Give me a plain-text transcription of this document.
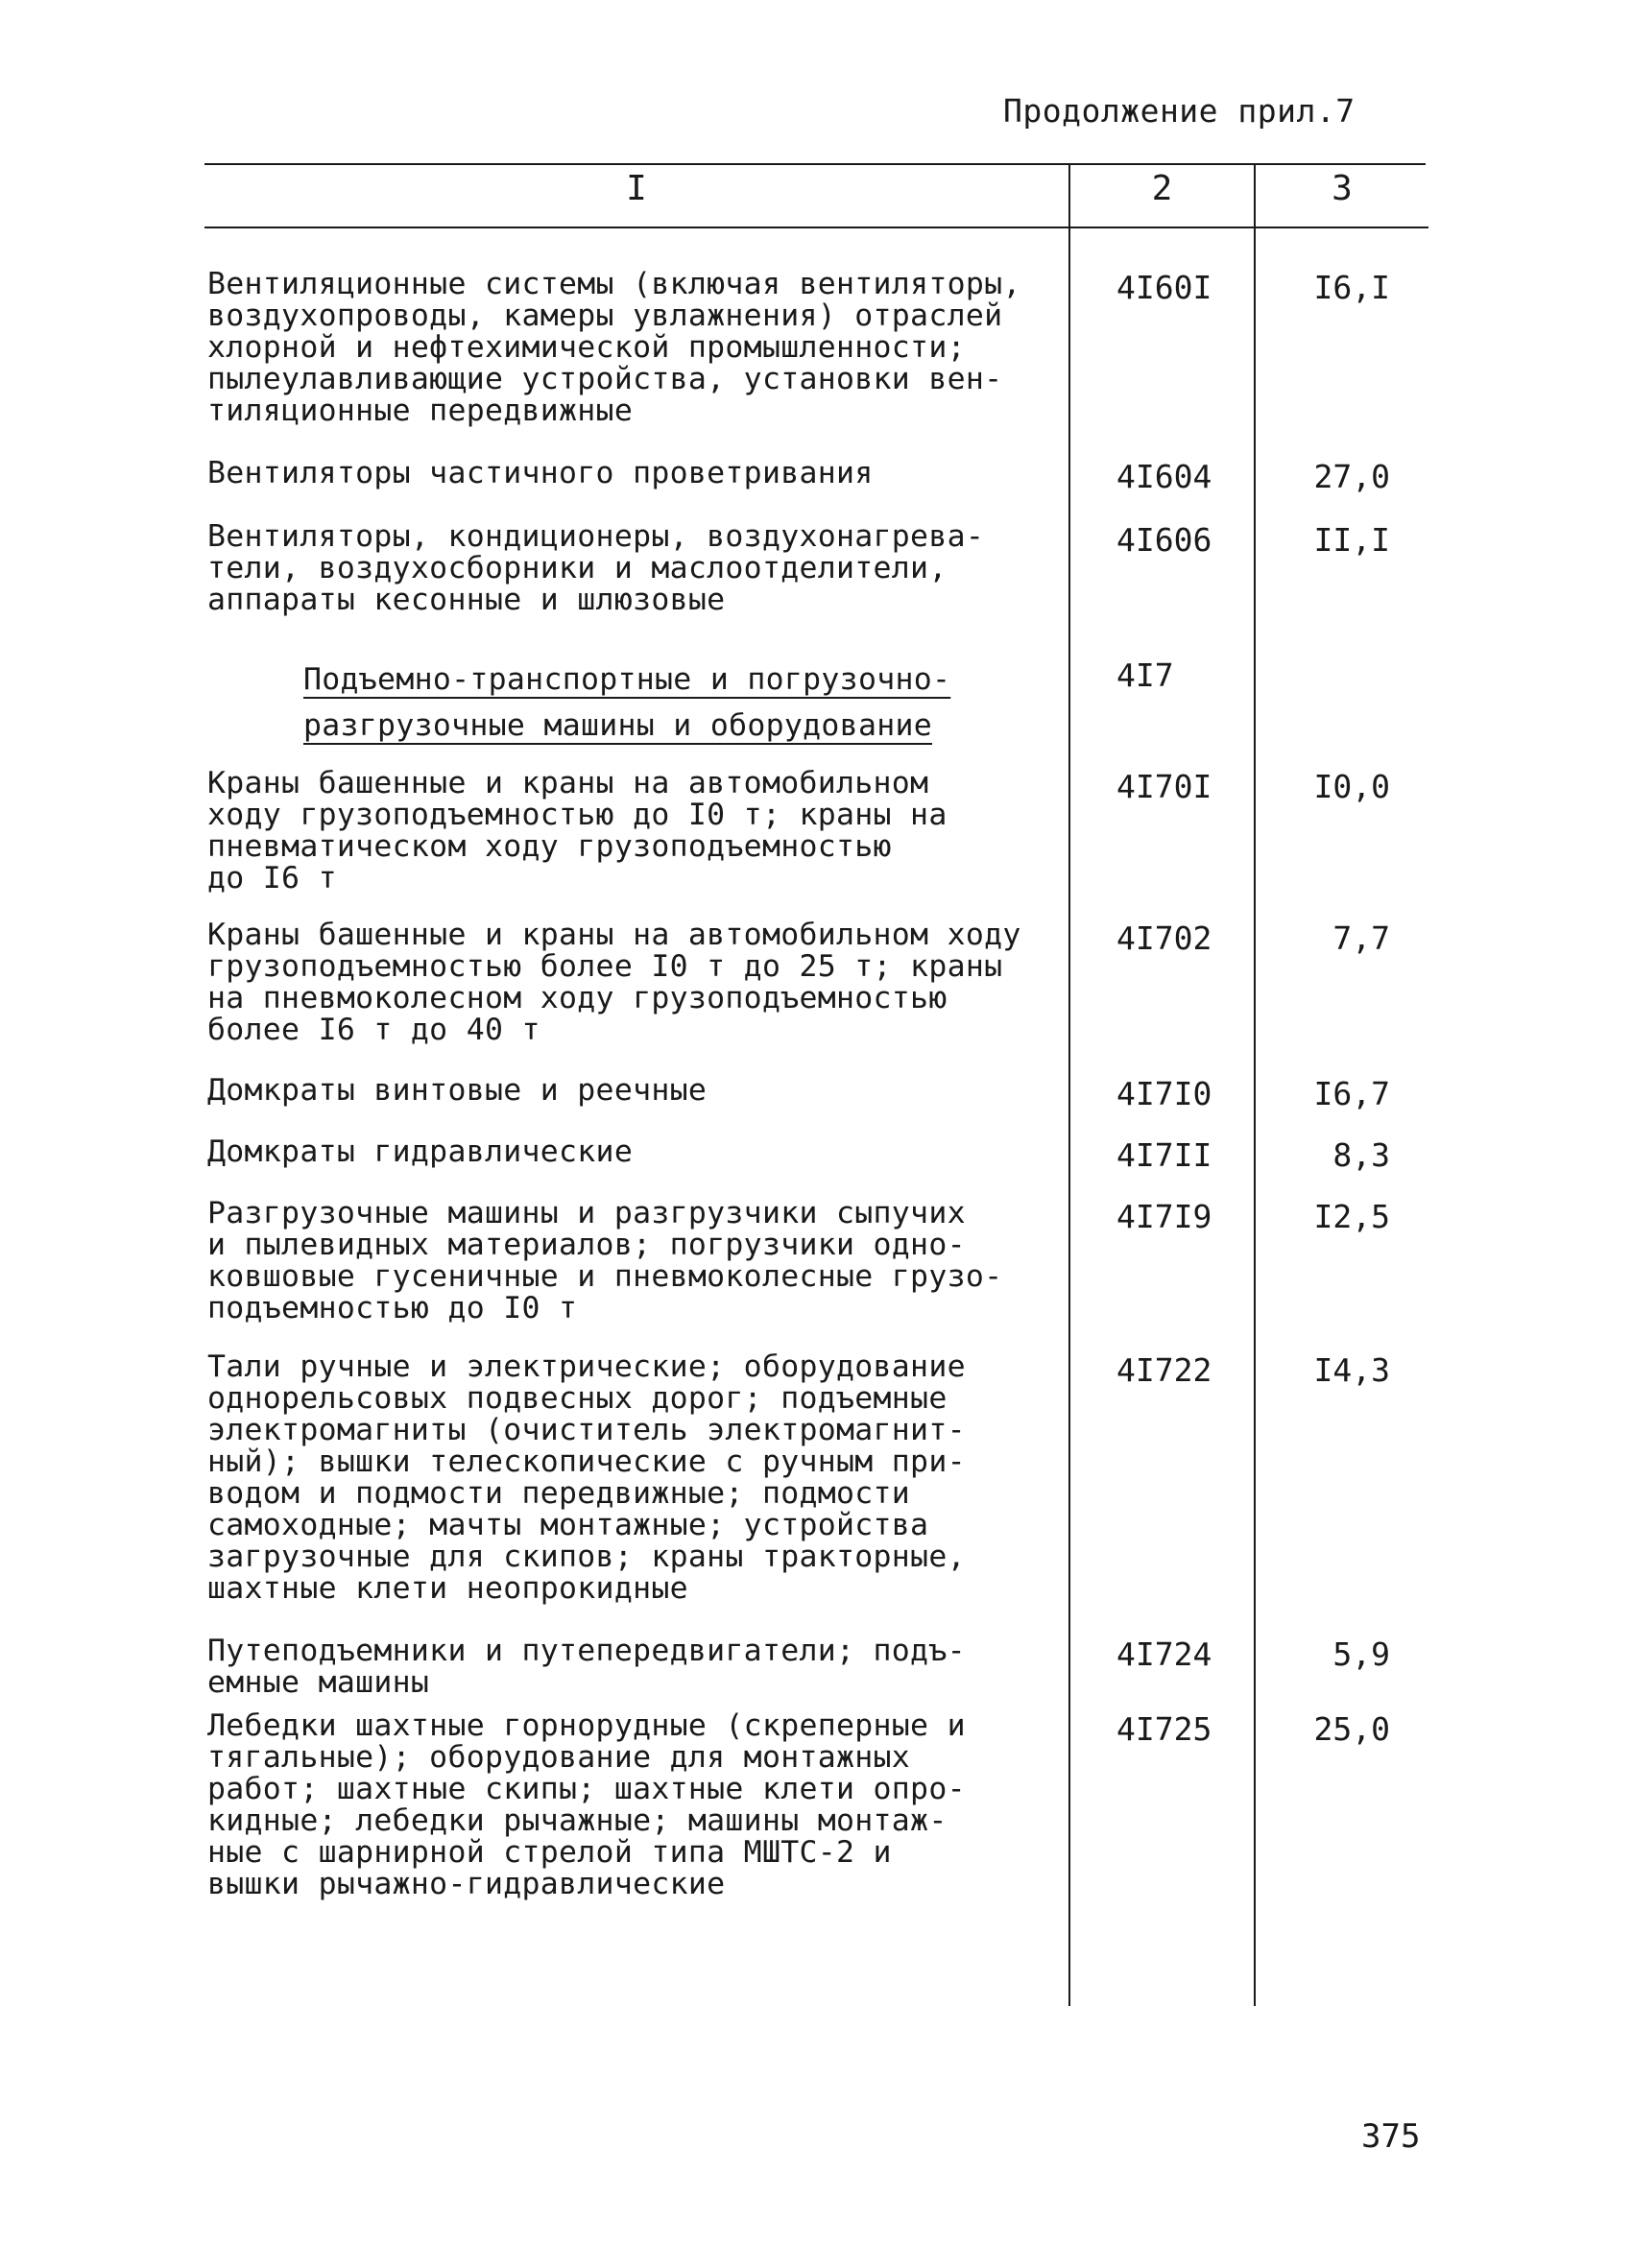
Продолжение прил.7
I	2	3
Вентиляционные системы (включая вентиляторы,
воздухопроводы, камеры увлажнения) отраслей
хлорной и нефтехимической промышленности;
пылеулавливающие устройства, установки вен-
тиляционные передвижные
4I60I	I6,I
Вентиляторы частичного проветривания	4I604	27,0
Вентиляторы, кондиционеры, воздухонагрева-
тели, воздухосборники и маслоотделители,
аппараты кесонные и шлюзовые
4I606	II,I
Подъемно-транспортные и погрузочно-разгрузочные машины и оборудование
4I7
Краны башенные и краны на автомобильном
ходу грузоподъемностью до I0 т; краны на
пневматическом ходу грузоподъемностью
до I6 т
4I70I	I0,0
Краны башенные и краны на автомобильном ходу
грузоподъемностью более I0 т до 25 т; краны
на пневмоколесном ходу грузоподъемностью
более I6 т до 40 т
4I702	7,7
Домкраты винтовые и реечные	4I7I0	I6,7
Домкраты гидравлические	4I7II	8,3
Разгрузочные машины и разгрузчики сыпучих
и пылевидных материалов; погрузчики одно-
ковшовые гусеничные и пневмоколесные грузо-
подъемностью до I0 т
4I7I9	I2,5
Тали ручные и электрические; оборудование
однорельсовых подвесных дорог; подъемные
электромагниты (очиститель электромагнит-
ный); вышки телескопические с ручным при-
водом и подмости передвижные; подмости
самоходные; мачты монтажные; устройства
загрузочные для скипов; краны тракторные,
шахтные клети неопрокидные
4I722	I4,3
Путеподъемники и путепередвигатели; подъ-
емные машины
4I724	5,9
Лебедки шахтные горнорудные (скреперные и
тягальные); оборудование для монтажных
работ; шахтные скипы; шахтные клети опро-
кидные; лебедки рычажные; машины монтаж-
ные с шарнирной стрелой типа МШТС-2 и
вышки рычажно-гидравлические
4I725	25,0
375
